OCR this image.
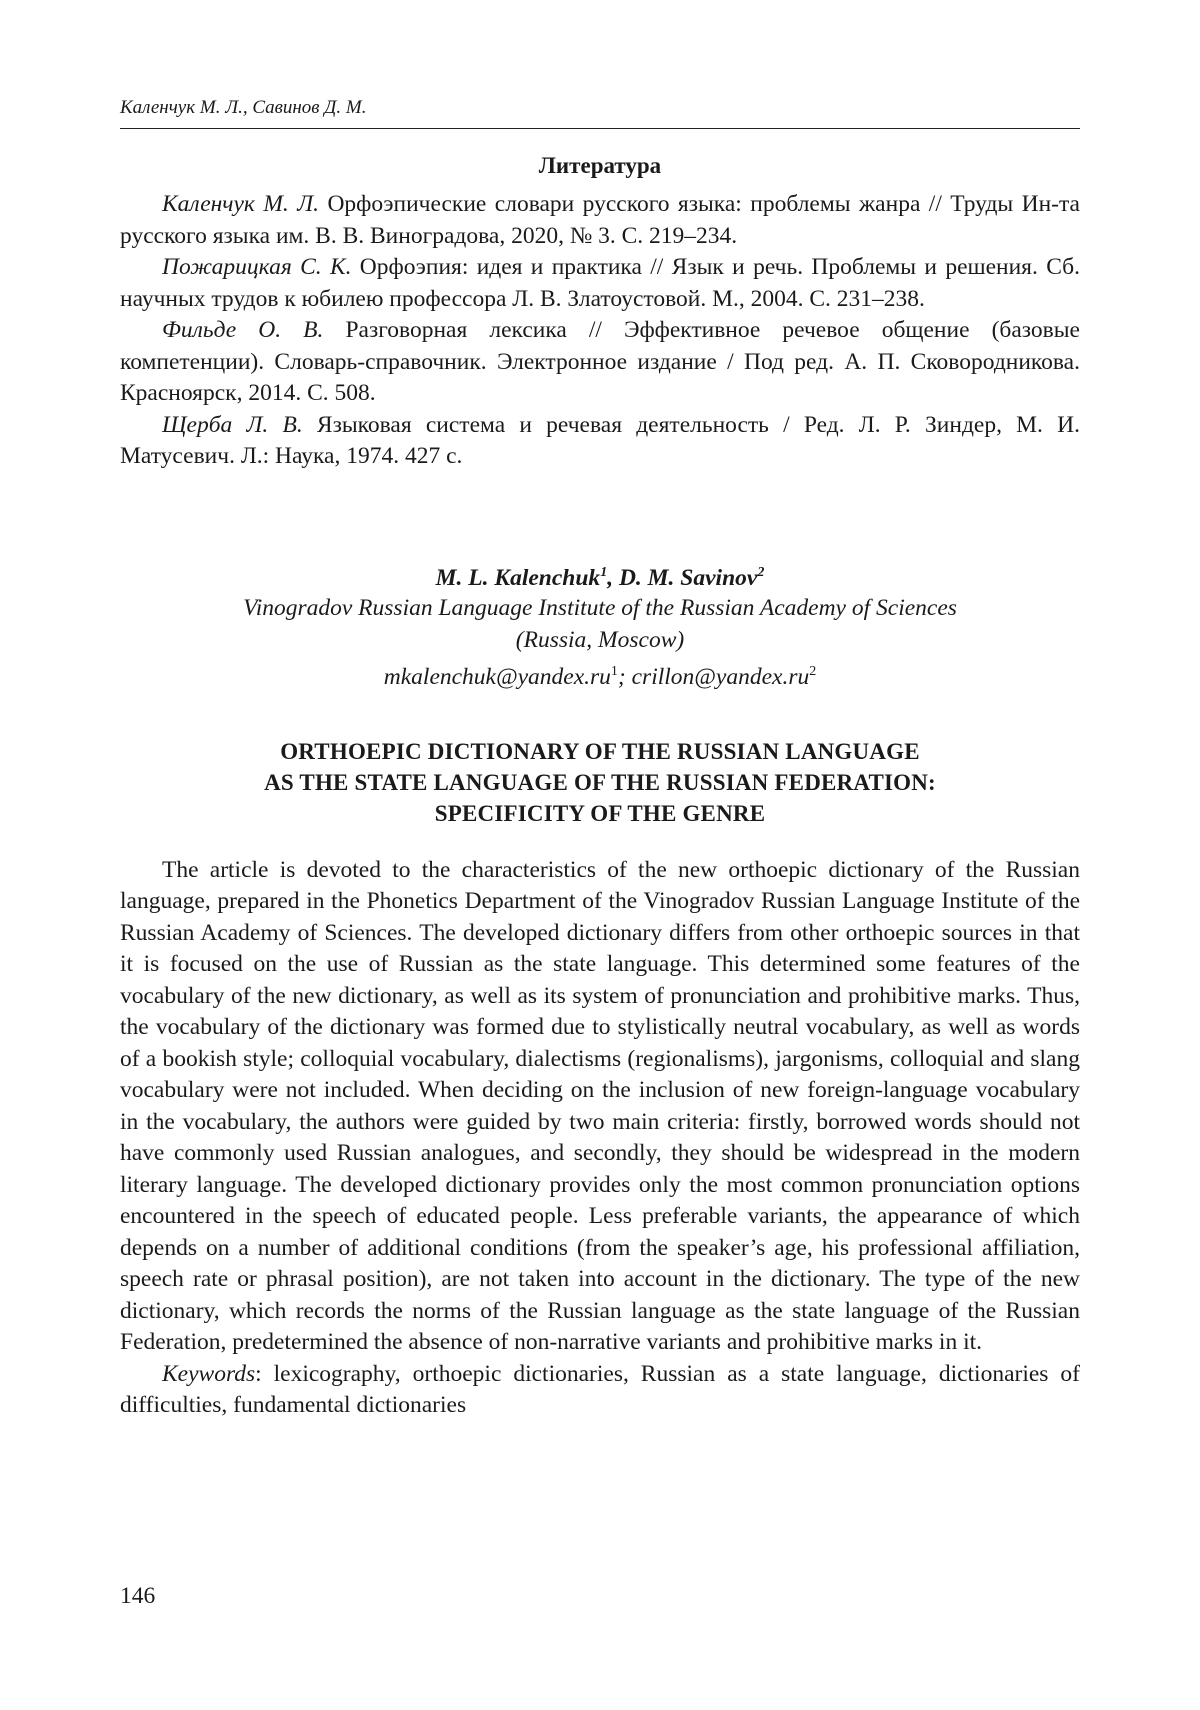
Каленчук М. Л., Савинов Д. М.
Литература

Каленчук М. Л. Орфоэпические словари русского языка: проблемы жанра // Труды Ин-та русского языка им. В. В. Виноградова, 2020, № 3. С. 219–234.

Пожарицкая С. К. Орфоэпия: идея и практика // Язык и речь. Проблемы и решения. Сб. научных трудов к юбилею профессора Л. В. Златоустовой. М., 2004. С. 231–238.

Фильде О. В. Разговорная лексика // Эффективное речевое общение (базовые компетенции). Словарь-справочник. Электронное издание / Под ред. А. П. Сковородникова. Красноярск, 2014. С. 508.

Щерба Л. В. Языковая система и речевая деятельность / Ред. Л. Р. Зиндер, М. И. Матусевич. Л.: Наука, 1974. 427 с.

M. L. Kalenchuk$^1$, D. M. Savinov$^2$
Vinogradov Russian Language Institute of the Russian Academy of Sciences
(Russia, Moscow)
$mkalenchuk@yandex.ru^1$; $crillon@yandex.ru^2$
ORTHOEPIC DICTIONARY OF THE RUSSIAN LANGUAGE
AS THE STATE LANGUAGE OF THE RUSSIAN FEDERATION:
SPECIFICITY OF THE GENRE

The article is devoted to the characteristics of the new orthoepic dictionary of the Russian language, prepared in the Phonetics Department of the Vinogradov Russian Language Institute of the Russian Academy of Sciences. The developed dictionary differs from other orthoepic sources in that it is focused on the use of Russian as the state language. This determined some features of the vocabulary of the new dictionary, as well as its system of pronunciation and prohibitive marks. Thus, the vocabulary of the dictionary was formed due to stylistically neutral vocabulary, as well as words of a bookish style; colloquial vocabulary, dialectisms (regionalisms), jargonisms, colloquial and slang vocabulary were not included. When deciding on the inclusion of new foreign-language vocabulary in the vocabulary, the authors were guided by two main criteria: firstly, borrowed words should not have commonly used Russian analogues, and secondly, they should be widespread in the modern literary language. The developed dictionary provides only the most common pronunciation options encountered in the speech of educated people. Less preferable variants, the appearance of which depends on a number of additional conditions (from the speaker’s age, his professional affiliation, speech rate or phrasal position), are not taken into account in the dictionary. The type of the new dictionary, which records the norms of the Russian language as the state language of the Russian Federation, predetermined the absence of non-narrative variants and prohibitive marks in it.

Keywords: lexicography, orthoepic dictionaries, Russian as a state language, dictionaries of difficulties, fundamental dictionaries

146
